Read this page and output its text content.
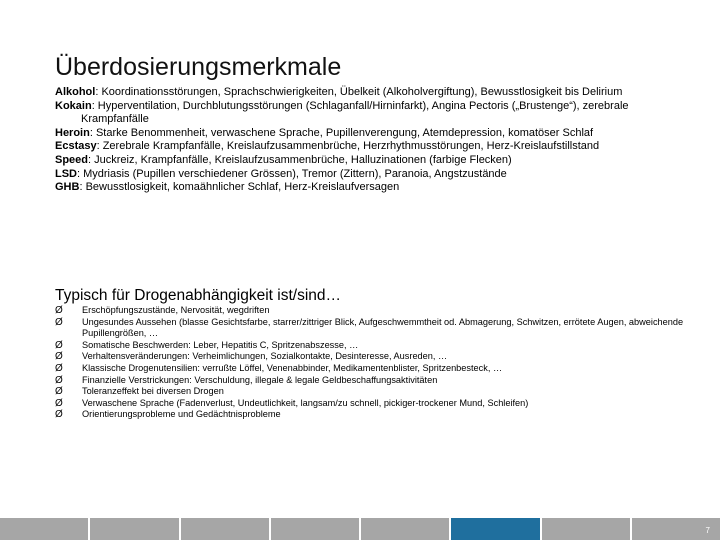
Überdosierungsmerkmale
Alkohol: Koordinationsstörungen, Sprachschwierigkeiten, Übelkeit (Alkoholvergiftung), Bewusstlosigkeit bis Delirium
Kokain: Hyperventilation, Durchblutungsstörungen (Schlaganfall/Hirninfarkt), Angina Pectoris („Brustenge“), zerebrale Krampfanfälle
Heroin: Starke Benommenheit, verwaschene Sprache, Pupillenverengung, Atemdepression, komatöser Schlaf
Ecstasy: Zerebrale Krampfanfälle, Kreislaufzusammenbrüche, Herzrhythmusstörungen, Herz-Kreislaufstillstand
Speed: Juckreiz, Krampfanfälle, Kreislaufzusammenbrüche, Halluzinationen (farbige Flecken)
LSD: Mydriasis (Pupillen verschiedener Grössen), Tremor (Zittern), Paranoia, Angstzustände
GHB: Bewusstlosigkeit, komaähnlicher Schlaf, Herz-Kreislaufversagen
Typisch für Drogenabhängigkeit ist/sind…
Ø	Erschöpfungszustände, Nervosität, wegdriften
Ø	Ungesundes Aussehen (blasse Gesichtsfarbe, starrer/zittriger Blick, Aufgeschwemmtheit od. Abmagerung, Schwitzen, errötete Augen, abweichende Pupillengrößen, …
Ø	Somatische Beschwerden: Leber, Hepatitis C, Spritzenabszesse, …
Ø	Verhaltensveränderungen: Verheimlichungen, Sozialkontakte, Desinteresse, Ausreden, …
Ø	Klassische Drogenutensilien: verrußte Löffel, Venenabbinder, Medikamentenblister, Spritzenbesteck, …
Ø	Finanzielle Verstrickungen: Verschuldung, illegale & legale Geldbeschaffungsaktivitäten
Ø	Toleranzeffekt bei diversen Drogen
Ø	Verwaschene Sprache (Fadenverlust, Undeutlichkeit, langsam/zu schnell, pickiger-trockener Mund, Schleifen)
Ø	Orientierungsprobleme und Gedächtnisprobleme
7
